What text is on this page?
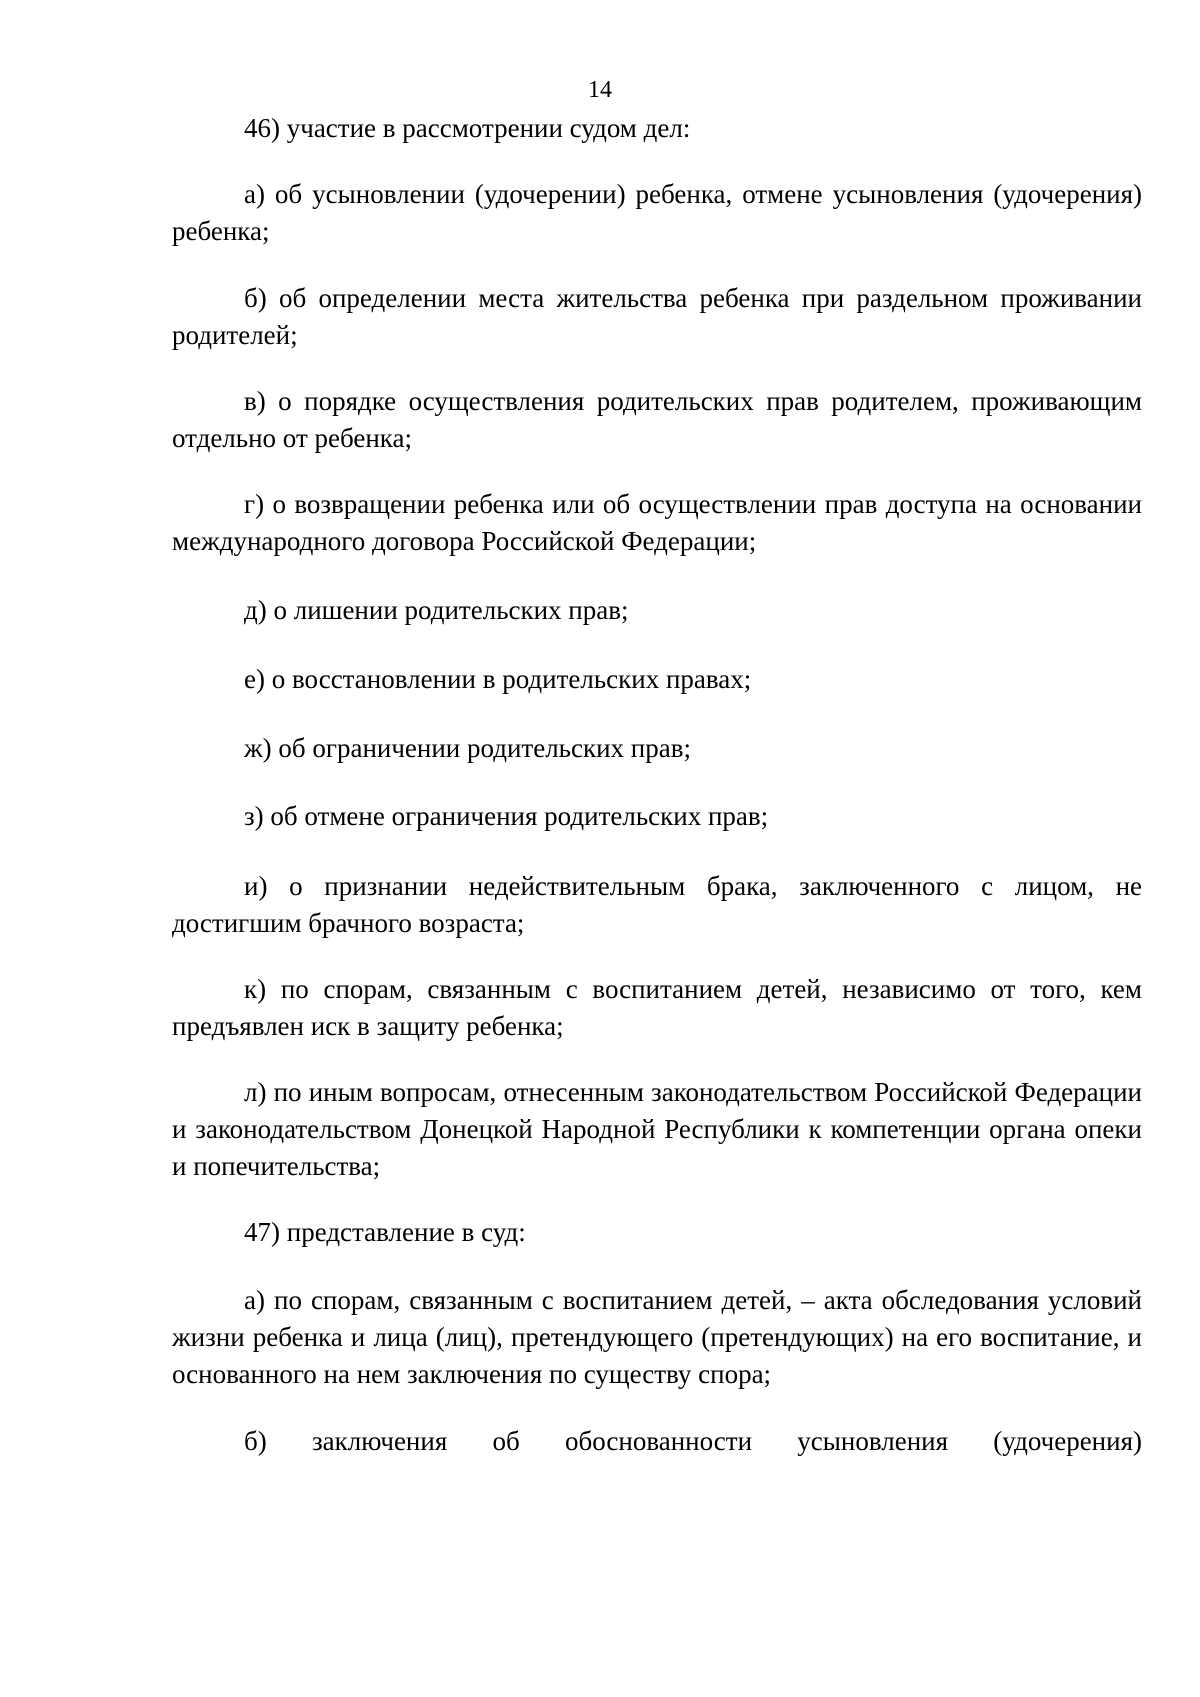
14

46) участие в рассмотрении судом дел:

а) об усыновлении (удочерении) ребенка, отмене усыновления (удочерения) ребенка;

б) об определении места жительства ребенка при раздельном проживании родителей;

в) о порядке осуществления родительских прав родителем, проживающим отдельно от ребенка;

г) о возвращении ребенка или об осуществлении прав доступа на основании международного договора Российской Федерации;

д) о лишении родительских прав;

е) о восстановлении в родительских правах;

ж) об ограничении родительских прав;

з) об отмене ограничения родительских прав;

и) о признании недействительным брака, заключенного с лицом, не достигшим брачного возраста;

к) по спорам, связанным с воспитанием детей, независимо от того, кем предъявлен иск в защиту ребенка;

л) по иным вопросам, отнесенным законодательством Российской Федерации и законодательством Донецкой Народной Республики к компетенции органа опеки и попечительства;

47) представление в суд:

а) по спорам, связанным с воспитанием детей, – акта обследования условий жизни ребенка и лица (лиц), претендующего (претендующих) на его воспитание, и основанного на нем заключения по существу спора;

б) заключения об обоснованности усыновления (удочерения)
